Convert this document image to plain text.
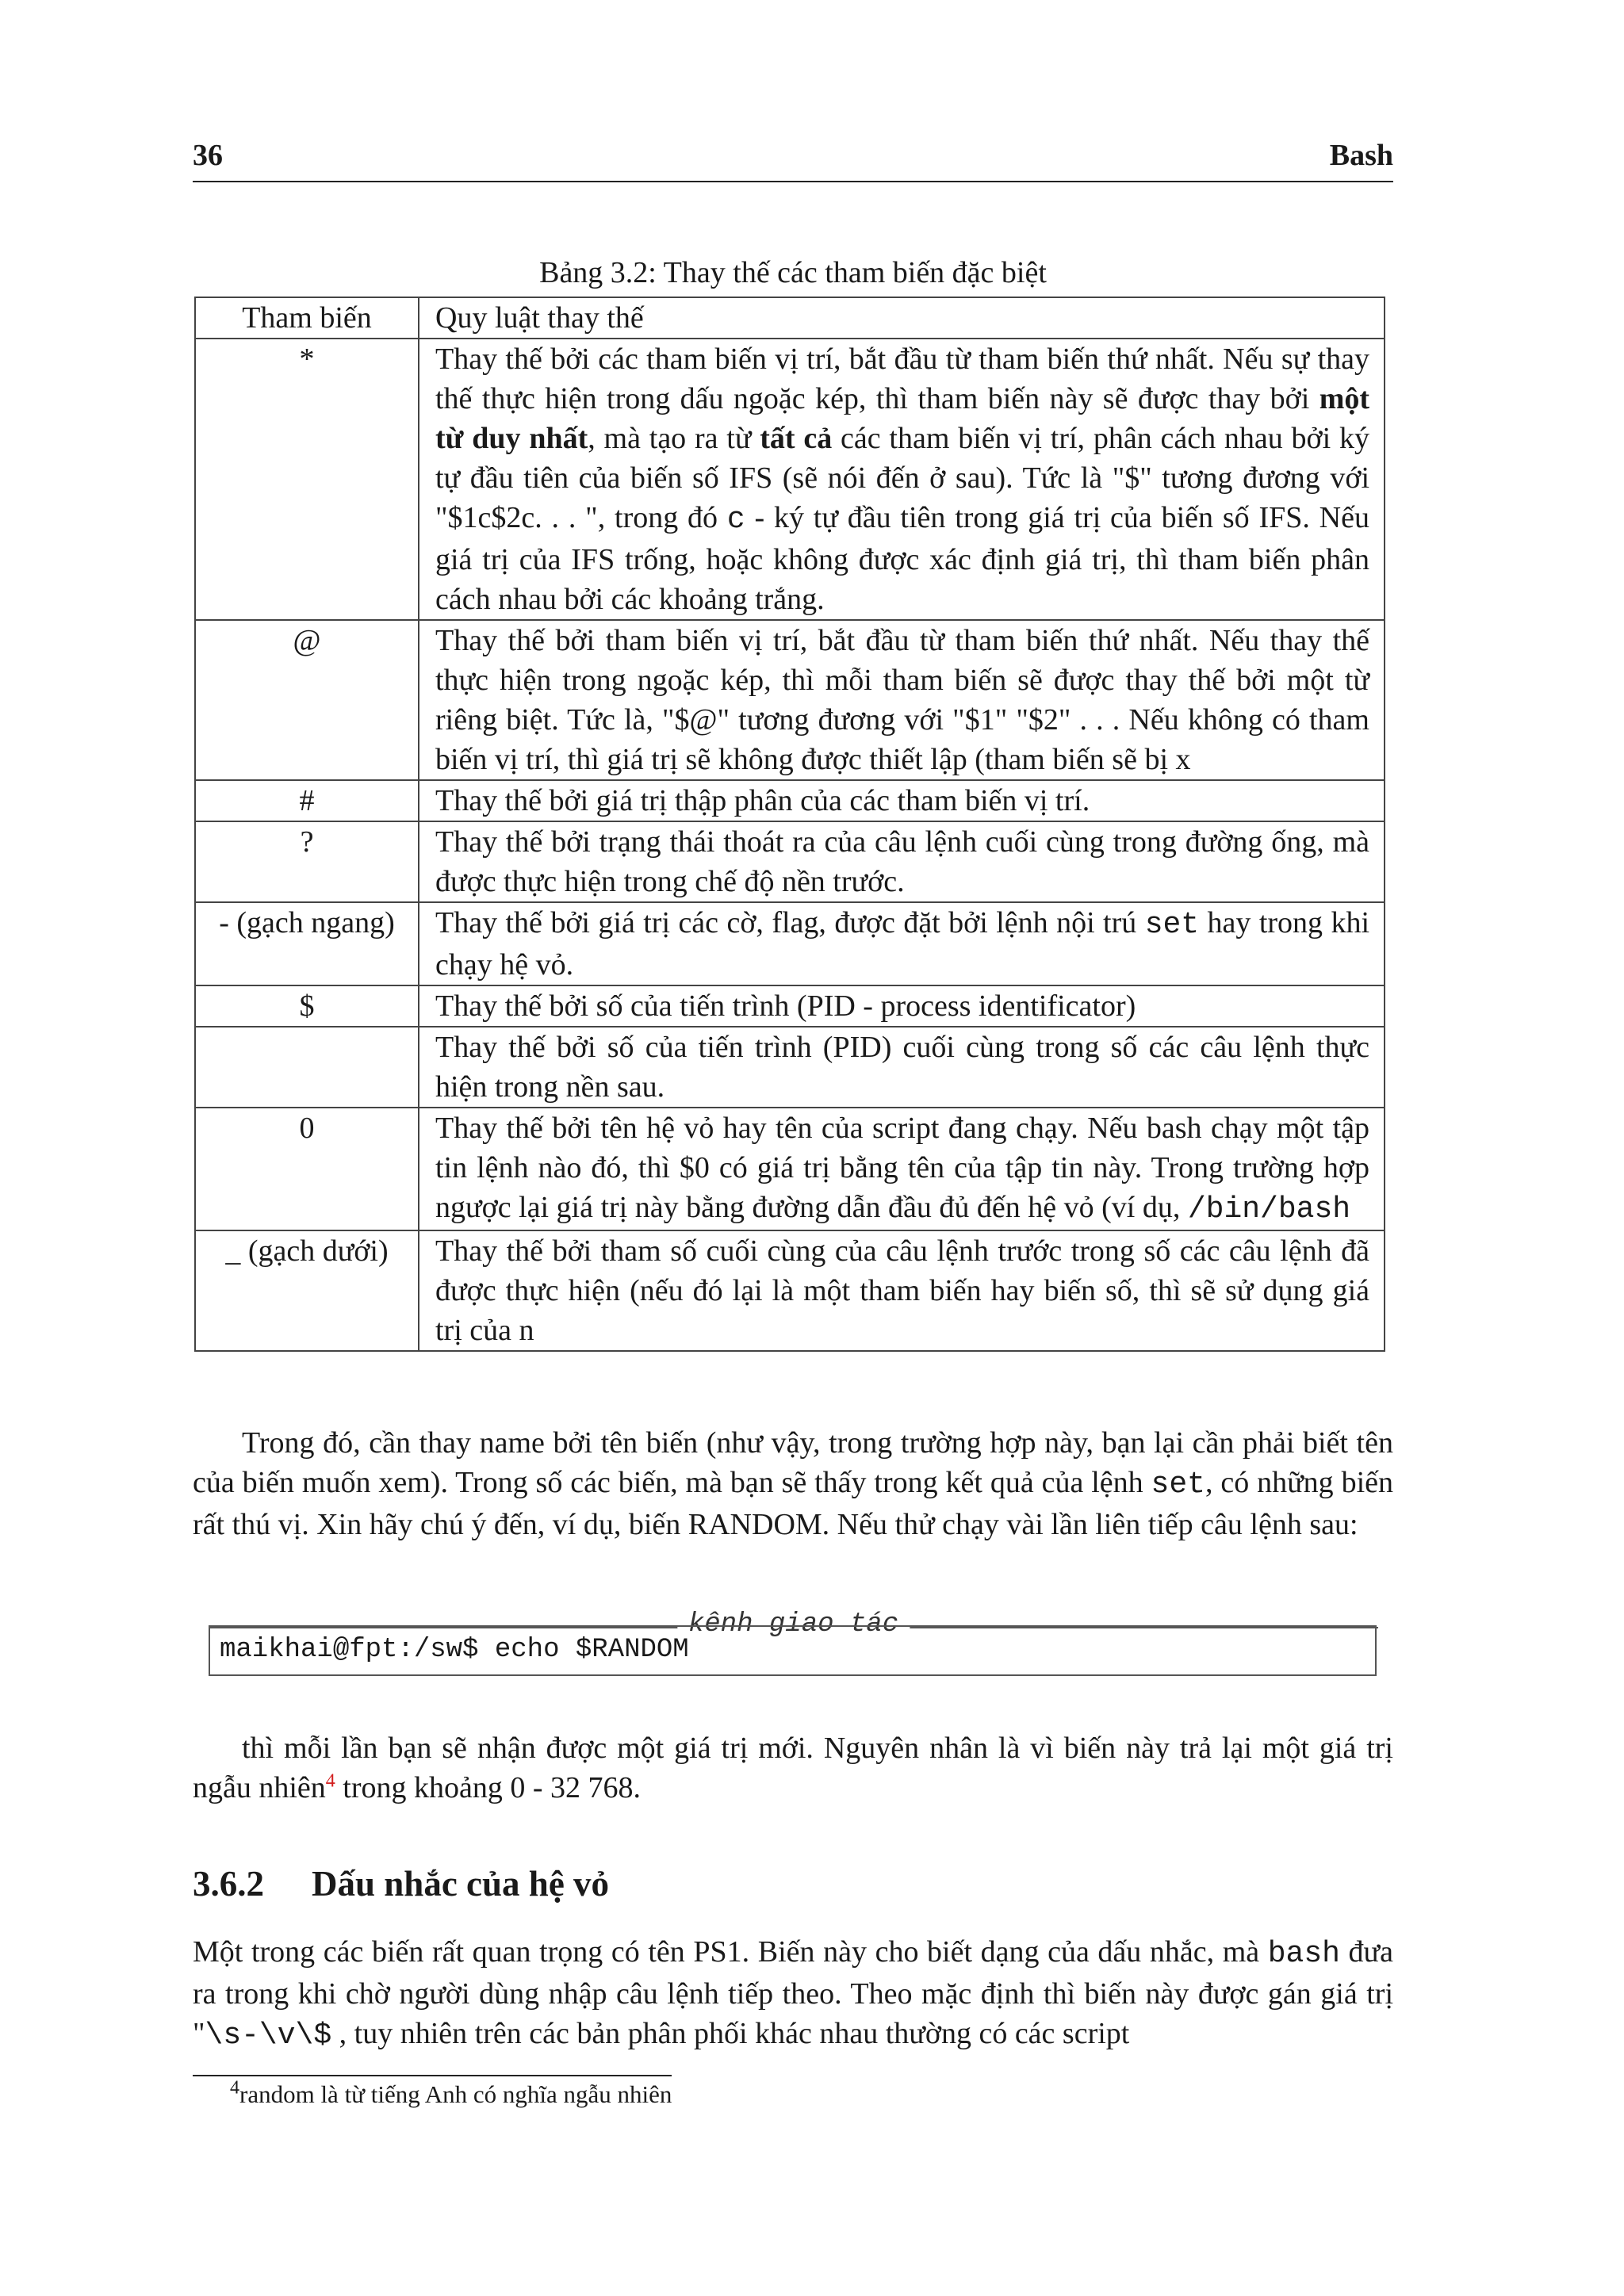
36	Bash
Bảng 3.2: Thay thế các tham biến đặc biệt
Tham biến	Quy luật thay thế
*	Thay thế bởi các tham biến vị trí, bắt đầu từ tham biến thứ nhất. Nếu sự thay thế thực hiện trong dấu ngoặc kép, thì tham biến này sẽ được thay bởi một từ duy nhất, mà tạo ra từ tất cả các tham biến vị trí, phân cách nhau bởi ký tự đầu tiên của biến số IFS (sẽ nói đến ở sau). Tức là "$" tương đương với "$1c$2c. . . ", trong đó c - ký tự đầu tiên trong giá trị của biến số IFS. Nếu giá trị của IFS trống, hoặc không được xác định giá trị, thì tham biến phân cách nhau bởi các khoảng trắng.
@	Thay thế bởi tham biến vị trí, bắt đầu từ tham biến thứ nhất. Nếu thay thế thực hiện trong ngoặc kép, thì mỗi tham biến sẽ được thay thế bởi một từ riêng biệt. Tức là, "$@" tương đương với "$1" "$2" . . . Nếu không có tham biến vị trí, thì giá trị sẽ không được thiết lập (tham biến sẽ bị x
#	Thay thế bởi giá trị thập phân của các tham biến vị trí.
?	Thay thế bởi trạng thái thoát ra của câu lệnh cuối cùng trong đường ống, mà được thực hiện trong chế độ nền trước.
- (gạch ngang)	Thay thế bởi giá trị các cờ, flag, được đặt bởi lệnh nội trú set hay trong khi chạy hệ vỏ.
$	Thay thế bởi số của tiến trình (PID - process identificator)
	Thay thế bởi số của tiến trình (PID) cuối cùng trong số các câu lệnh thực hiện trong nền sau.
0	Thay thế bởi tên hệ vỏ hay tên của script đang chạy. Nếu bash chạy một tập tin lệnh nào đó, thì $0 có giá trị bằng tên của tập tin này. Trong trường hợp ngược lại giá trị này bằng đường dẫn đầu đủ đến hệ vỏ (ví dụ, /bin/bash
_ (gạch dưới)	Thay thế bởi tham số cuối cùng của câu lệnh trước trong số các câu lệnh đã được thực hiện (nếu đó lại là một tham biến hay biến số, thì sẽ sử dụng giá trị của n

Trong đó, cần thay name bởi tên biến (như vậy, trong trường hợp này, bạn lại cần phải biết tên của biến muốn xem). Trong số các biến, mà bạn sẽ thấy trong kết quả của lệnh set, có những biến rất thú vị. Xin hãy chú ý đến, ví dụ, biến RANDOM. Nếu thử chạy vài lần liên tiếp câu lệnh sau:

kênh giao tác
maikhai@fpt:/sw$ echo $RANDOM

thì mỗi lần bạn sẽ nhận được một giá trị mới. Nguyên nhân là vì biến này trả lại một giá trị ngẫu nhiên$^4$ trong khoảng 0 - 32 768.

3.6.2 Dấu nhắc của hệ vỏ

Một trong các biến rất quan trọng có tên PS1. Biến này cho biết dạng của dấu nhắc, mà bash đưa ra trong khi chờ người dùng nhập câu lệnh tiếp theo. Theo mặc định thì biến này được gán giá trị "\s-\v\$ , tuy nhiên trên các bản phân phối khác nhau thường có các script

$^4$random là từ tiếng Anh có nghĩa ngẫu nhiên
